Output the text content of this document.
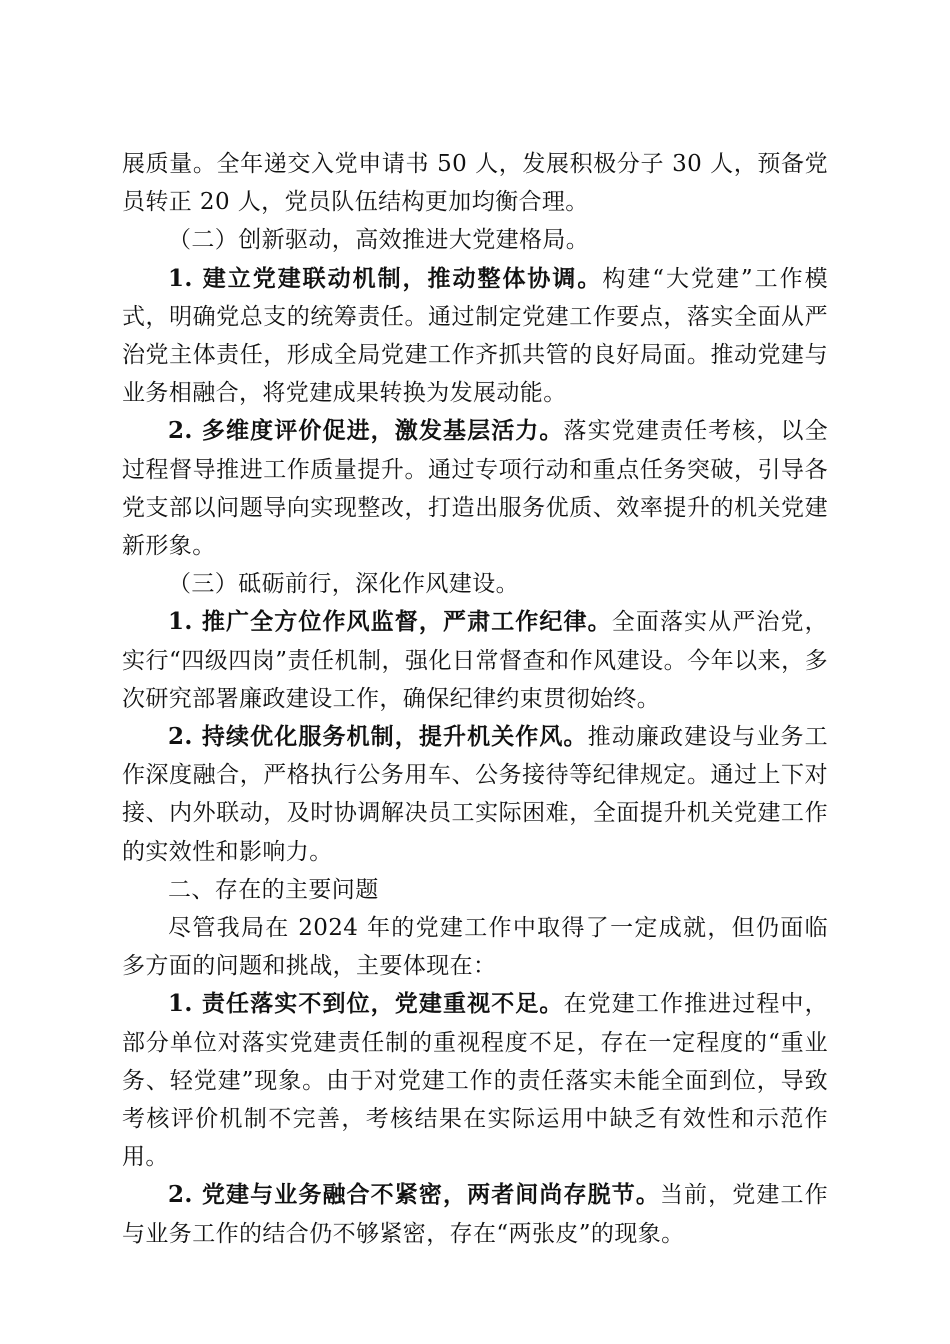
展质量。全年递交入党申请书 50 人，发展积极分子 30 人，预备党员转正 20 人，党员队伍结构更加均衡合理。

（二）创新驱动，高效推进大党建格局。

1. 建立党建联动机制，推动整体协调。构建“大党建”工作模式，明确党总支的统筹责任。通过制定党建工作要点，落实全面从严治党主体责任，形成全局党建工作齐抓共管的良好局面。推动党建与业务相融合，将党建成果转换为发展动能。

2. 多维度评价促进，激发基层活力。落实党建责任考核，以全过程督导推进工作质量提升。通过专项行动和重点任务突破，引导各党支部以问题导向实现整改，打造出服务优质、效率提升的机关党建新形象。

（三）砥砺前行，深化作风建设。

1. 推广全方位作风监督，严肃工作纪律。全面落实从严治党，实行“四级四岗”责任机制，强化日常督查和作风建设。今年以来，多次研究部署廉政建设工作，确保纪律约束贯彻始终。

2. 持续优化服务机制，提升机关作风。推动廉政建设与业务工作深度融合，严格执行公务用车、公务接待等纪律规定。通过上下对接、内外联动，及时协调解决员工实际困难，全面提升机关党建工作的实效性和影响力。

二、存在的主要问题

尽管我局在 2024 年的党建工作中取得了一定成就，但仍面临多方面的问题和挑战，主要体现在：

1. 责任落实不到位，党建重视不足。在党建工作推进过程中，部分单位对落实党建责任制的重视程度不足，存在一定程度的“重业务、轻党建”现象。由于对党建工作的责任落实未能全面到位，导致考核评价机制不完善，考核结果在实际运用中缺乏有效性和示范作用。

2. 党建与业务融合不紧密，两者间尚存脱节。当前，党建工作与业务工作的结合仍不够紧密，存在“两张皮”的现象。
